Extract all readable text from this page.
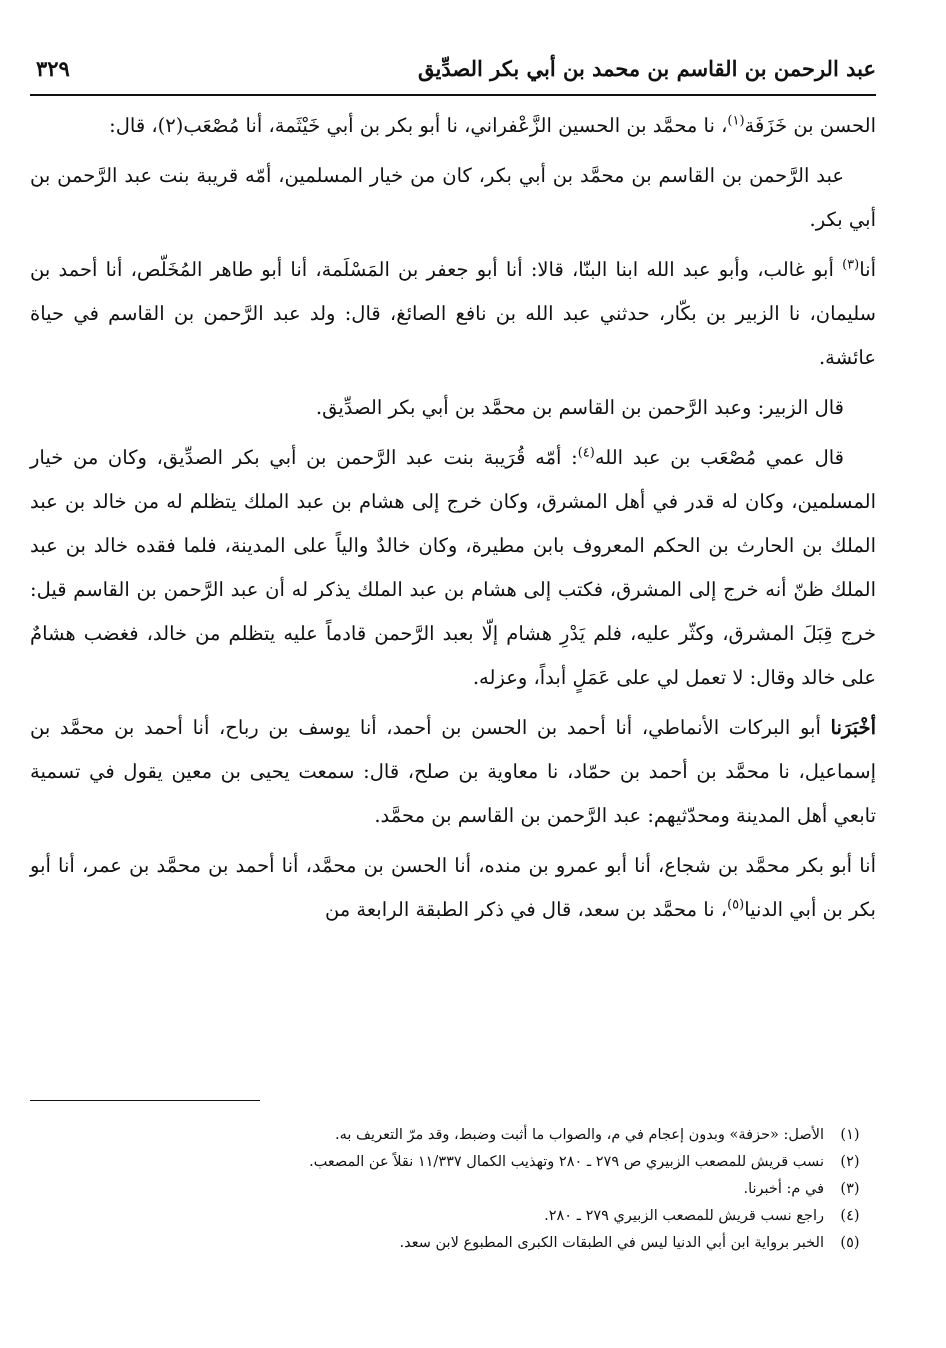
عبد الرحمن بن القاسم بن محمد بن أبي بكر الصدِّيق
٣٢٩

الحسن بن خَزَفَة$^{(١)}$، نا محمَّد بن الحسين الزَّعْفراني، نا أبو بكر بن أبي خَيْثَمة، أنا مُصْعَب(٢)، قال:

عبد الرَّحمن بن القاسم بن محمَّد بن أبي بكر، كان من خيار المسلمين، أمّه قريبة بنت عبد الرَّحمن بن أبي بكر.

أنا$^{(٣)}$ أبو غالب، وأبو عبد الله ابنا البنّا، قالا: أنا أبو جعفر بن المَسْلَمة، أنا أبو طاهر المُخَلّص، أنا أحمد بن سليمان، نا الزبير بن بكّار، حدثني عبد الله بن نافع الصائغ، قال: ولد عبد الرَّحمن بن القاسم في حياة عائشة.

قال الزبير: وعبد الرَّحمن بن القاسم بن محمَّد بن أبي بكر الصدِّيق.

قال عمي مُصْعَب بن عبد الله$^{(٤)}$: أمّه قُرَيبة بنت عبد الرَّحمن بن أبي بكر الصدِّيق، وكان من خيار المسلمين، وكان له قدر في أهل المشرق، وكان خرج إلى هشام بن عبد الملك يتظلم له من خالد بن عبد الملك بن الحارث بن الحكم المعروف بابن مطيرة، وكان خالدٌ والياً على المدينة، فلما فقده خالد بن عبد الملك ظنّ أنه خرج إلى المشرق، فكتب إلى هشام بن عبد الملك يذكر له أن عبد الرَّحمن بن القاسم قيل: خرج قِبَلَ المشرق، وكثّر عليه، فلم يَدْرِ هشام إلّا بعبد الرَّحمن قادماً عليه يتظلم من خالد، فغضب هشامٌ على خالد وقال: لا تعمل لي على عَمَلٍ أبداً، وعزله.

أخْبَرَنا أبو البركات الأنماطي، أنا أحمد بن الحسن بن أحمد، أنا يوسف بن رباح، أنا أحمد بن محمَّد بن إسماعيل، نا محمَّد بن أحمد بن حمّاد، نا معاوية بن صلح، قال: سمعت يحيى بن معين يقول في تسمية تابعي أهل المدينة ومحدّثيهم: عبد الرَّحمن بن القاسم بن محمَّد.

أنا أبو بكر محمَّد بن شجاع، أنا أبو عمرو بن منده، أنا الحسن بن محمَّد، أنا أحمد بن محمَّد بن عمر، أنا أبو بكر بن أبي الدنيا$^{(٥)}$، نا محمَّد بن سعد، قال في ذكر الطبقة الرابعة من

(١)
الأصل: «حزفة» وبدون إعجام في م، والصواب ما أثبت وضبط، وقد مرّ التعريف به.
(٢)
نسب قريش للمصعب الزبيري ص ٢٧٩ ـ ٢٨٠ وتهذيب الكمال ١١/٣٣٧ نقلاً عن المصعب.
(٣)
في م: أخبرنا.
(٤)
راجع نسب قريش للمصعب الزبيري ٢٧٩ ـ ٢٨٠.
(٥)
الخبر برواية ابن أبي الدنيا ليس في الطبقات الكبرى المطبوع لابن سعد.
